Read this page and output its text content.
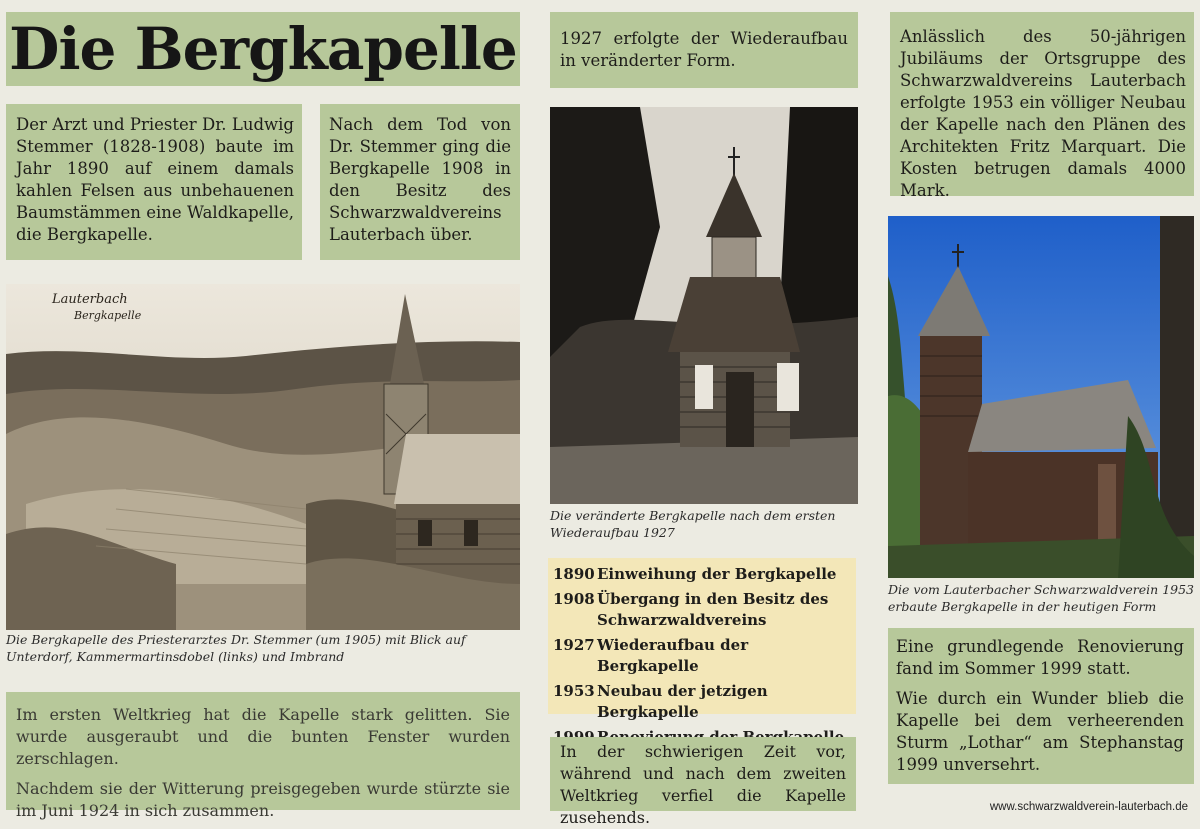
Die Bergkapelle

Der Arzt und Priester Dr. Ludwig Stemmer (1828-1908) baute im Jahr 1890 auf einem damals kahlen Felsen aus unbehauenen Baumstämmen eine Waldkapelle, die Bergkapelle.

Nach dem Tod von Dr. Stemmer ging die Bergkapelle 1908 in den Besitz des Schwarzwaldvereins Lauterbach über.

Lauterbach
Bergkapelle
Die Bergkapelle des Priesterarztes Dr. Stemmer (um 1905) mit Blick auf Unterdorf, Kammermartinsdobel (links) und Imbrand

Im ersten Weltkrieg hat die Kapelle stark gelitten. Sie wurde ausgeraubt und die bunten Fenster wurden zerschlagen.

Nachdem sie der Witterung preisgegeben wurde stürzte sie im Juni 1924 in sich zusammen.

1927 erfolgte der Wiederaufbau in veränderter Form.

Die veränderte Bergkapelle nach dem ersten Wiederaufbau 1927
1890 Einweihung der Bergkapelle
1908 Übergang in den Besitz des Schwarzwaldvereins
1927 Wiederaufbau der Bergkapelle
1953 Neubau der jetzigen Bergkapelle

In der schwierigen Zeit vor, während und nach dem zweiten Weltkrieg verfiel die Kapelle zusehends.

Anlässlich des 50-jährigen Jubiläums der Ortsgruppe des Schwarzwaldvereins Lauterbach erfolgte 1953 ein völliger Neubau der Kapelle nach den Plänen des Architekten Fritz Marquart. Die Kosten betrugen damals 4000 Mark.

Die vom Lauterbacher Schwarzwaldverein 1953 erbaute Bergkapelle in der heutigen Form

Eine grundlegende Renovierung fand im Sommer 1999 statt.

Wie durch ein Wunder blieb die Kapelle bei dem verheerenden Sturm „Lothar“ am Stephanstag 1999 unversehrt.

www.schwarzwaldverein-lauterbach.de
